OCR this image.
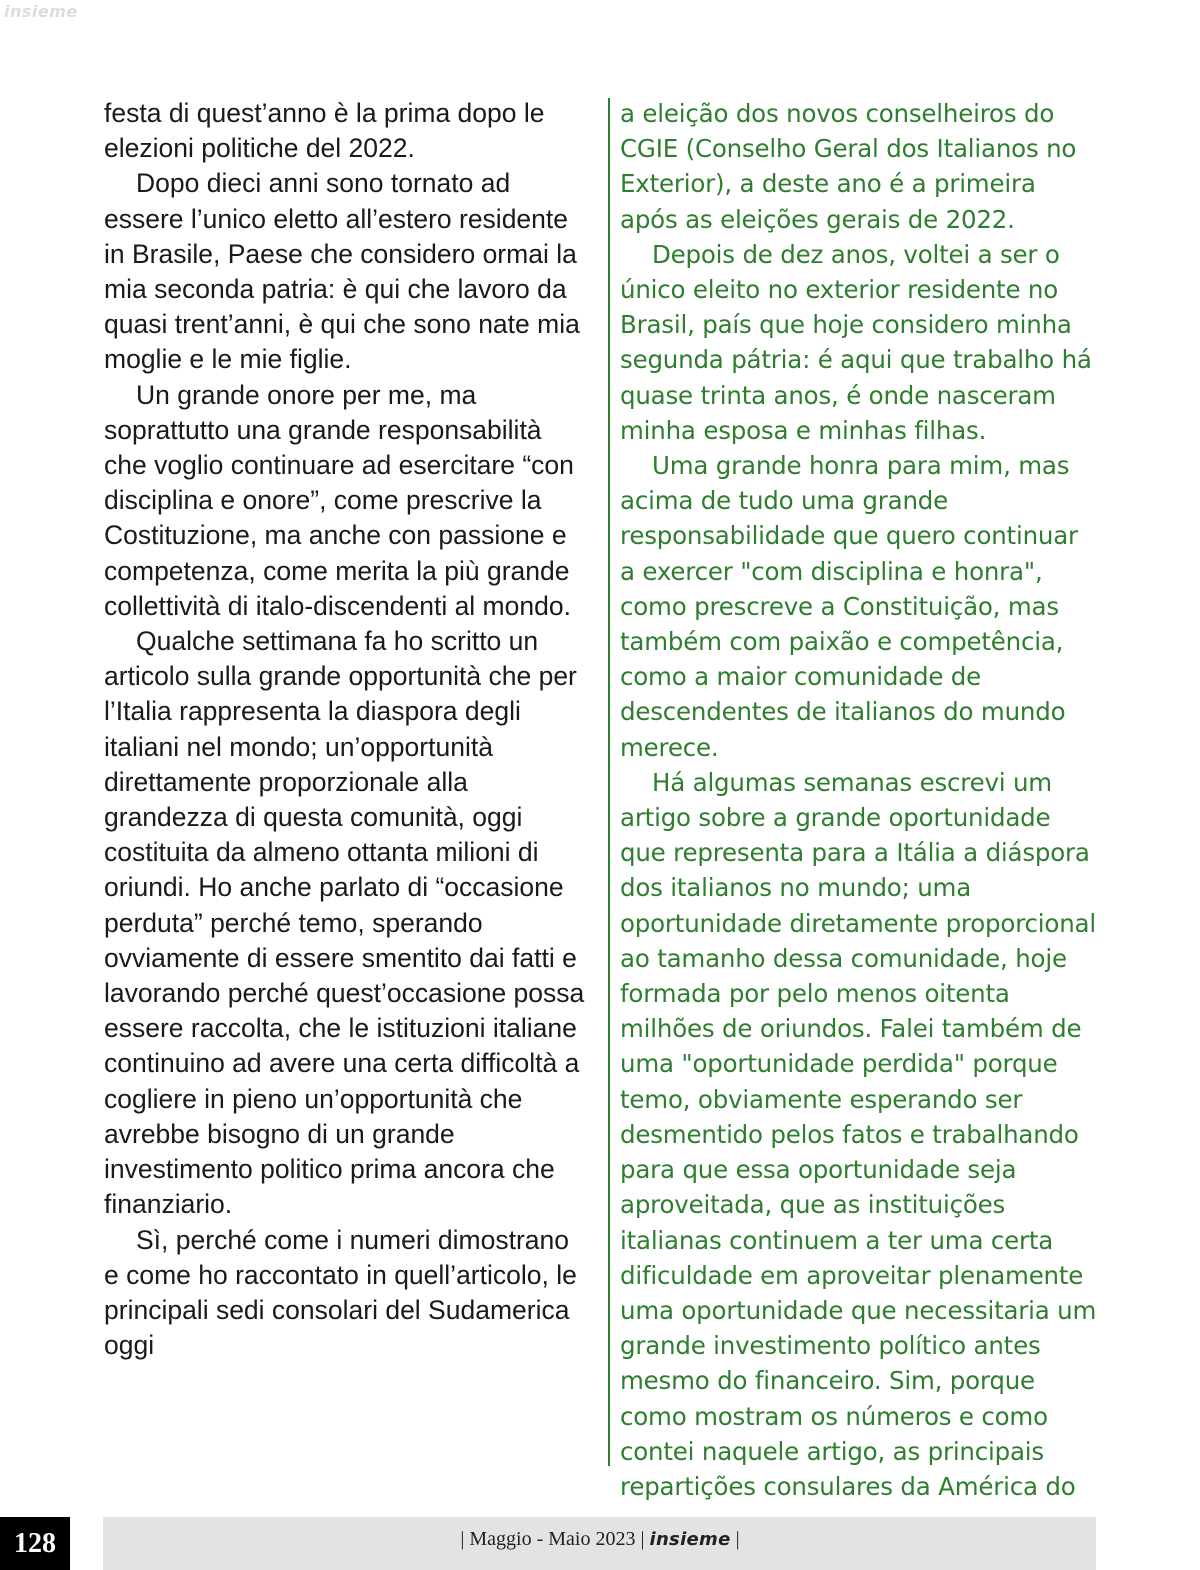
insieme

festa di quest’anno è la prima dopo le elezioni politiche del 2022.

Dopo dieci anni sono tornato ad essere l’unico eletto all’estero residente in Brasile, Paese che considero ormai la mia seconda patria: è qui che lavoro da quasi trent’anni, è qui che sono nate mia moglie e le mie figlie.

Un grande onore per me, ma soprattutto una grande responsabilità che voglio continuare ad esercitare “con disciplina e onore”, come prescrive la Costituzione, ma anche con passione e competenza, come merita la più grande collettività di italo-discendenti al mondo.

Qualche settimana fa ho scritto un articolo sulla grande opportunità che per l’Italia rappresenta la diaspora degli italiani nel mondo; un’opportunità direttamente proporzionale alla grandezza di questa comunità, oggi costituita da almeno ottanta milioni di oriundi. Ho anche parlato di “occasione perduta” perché temo, sperando ovviamente di essere smentito dai fatti e lavorando perché quest’occasione possa essere raccolta, che le istituzioni italiane continuino ad avere una certa difficoltà a cogliere in pieno un’opportunità che avrebbe bisogno di un grande investimento politico prima ancora che finanziario.

Sì, perché come i numeri dimostrano e come ho raccontato in quell’articolo, le principali sedi consolari del Sudamerica oggi

a eleição dos novos conselheiros do CGIE (Conselho Geral dos Italianos no Exterior), a deste ano é a primeira após as eleições gerais de 2022.

Depois de dez anos, voltei a ser o único eleito no exterior residente no Brasil, país que hoje considero minha segunda pátria: é aqui que trabalho há quase trinta anos, é onde nasceram minha esposa e minhas filhas.

Uma grande honra para mim, mas acima de tudo uma grande responsabilidade que quero continuar a exercer "com disciplina e honra", como prescreve a Constituição, mas também com paixão e competência, como a maior comunidade de descendentes de italianos do mundo merece.

Há algumas semanas escrevi um artigo sobre a grande oportunidade que representa para a Itália a diáspora dos italianos no mundo; uma oportunidade diretamente proporcional ao tamanho dessa comunidade, hoje formada por pelo menos oitenta milhões de oriundos. Falei também de uma "oportunidade perdida" porque temo, obviamente esperando ser desmentido pelos fatos e trabalhando para que essa oportunidade seja aproveitada, que as instituições italianas continuem a ter uma certa dificuldade em aproveitar plenamente uma oportunidade que necessitaria um grande investimento político antes mesmo do financeiro. Sim, porque como mostram os números e como contei naquele artigo, as principais repartições consulares da América do

128	| Maggio - Maio 2023 | insieme |
